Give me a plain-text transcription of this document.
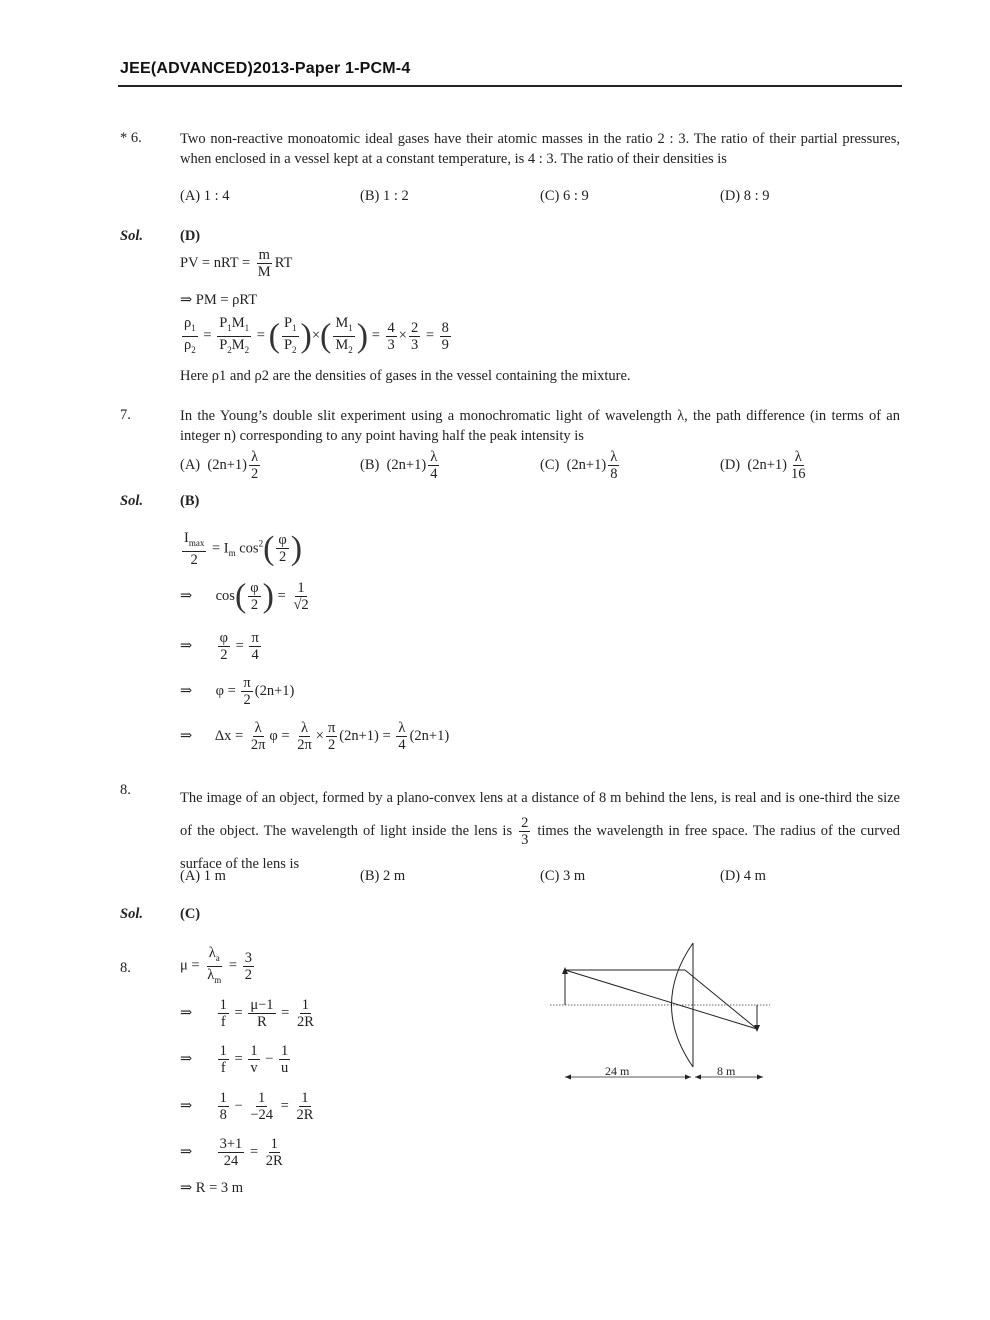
JEE(ADVANCED)2013-Paper 1-PCM-4
* 6.	Two non-reactive monoatomic ideal gases have their atomic masses in the ratio 2 : 3. The ratio of their partial pressures, when enclosed in a vessel kept at a constant temperature, is 4 : 3. The ratio of their densities is
(A) 1 : 4	(B) 1 : 2	(C) 6 : 9	(D) 8 : 9
Sol.	(D)
PV = nRT = $\frac{m}{M}$ RT
⇒ PM = ρRT
$\frac{\rho_1}{\rho_2} = \frac{P_1M_1}{P_2M_2}$ = ( $\frac{P_1}{P_2}$ )×( $\frac{M_1}{M_2}$ ) = $\frac{4}{3} \times \frac{2}{3} = \frac{8}{9}$
Here ρ1 and ρ2 are the densities of gases in the vessel containing the mixture.
7.	In the Young’s double slit experiment using a monochromatic light of wavelength λ, the path difference (in terms of an integer n) corresponding to any point having half the peak intensity is
(A)  $(2n+1) \frac{\lambda}{2}$	(B)  $(2n+1) \frac{\lambda}{4}$	(C)  $(2n+1) \frac{\lambda}{8}$	(D)  $(2n+1) \frac{\lambda}{16}$
Sol.	(B)
$\frac{I_{max}}{2} = I_m$ $\cos^2( \frac{\varphi}{2}$ )
⇒ $\cos( \frac{\varphi}{2}$ ) = $\frac{1}{√2}$
⇒ $\frac{\varphi}{2} = \frac{\pi}{4}$
⇒ $\varphi = \frac{\pi}{2} (2n+1)$
⇒ $\Delta x = \frac{\lambda}{2\pi}$ $\varphi = \frac{\lambda}{2\pi} \times \frac{\pi}{2} (2n+1) = \frac{\lambda}{4} (2n+1)$
8.	The image of an object, formed by a plano-convex lens at a distance of 8 m behind the lens, is real and is one-third the size of the object. The wavelength of light inside the lens is $\frac{2}{3}$ times the wavelength in free space. The radius of the curved surface of the lens is
(A) 1 m	(B) 2 m	(C) 3 m	(D) 4 m
Sol.	(C)
8.	$\mu = \frac{\lambda_a}{\lambda_m} = \frac{3}{2}$
⇒ $\frac{1}{f} = \frac{\mu-1}{R} = \frac{1}{2R}$
⇒ $\frac{1}{f} = \frac{1}{v} - \frac{1}{u}$
⇒ $\frac{1}{8} - \frac{1}{-24} = \frac{1}{2R}$
⇒ $\frac{3+1}{24} = \frac{1}{2R}$
⇒ R = 3 m
24 m	8 m
